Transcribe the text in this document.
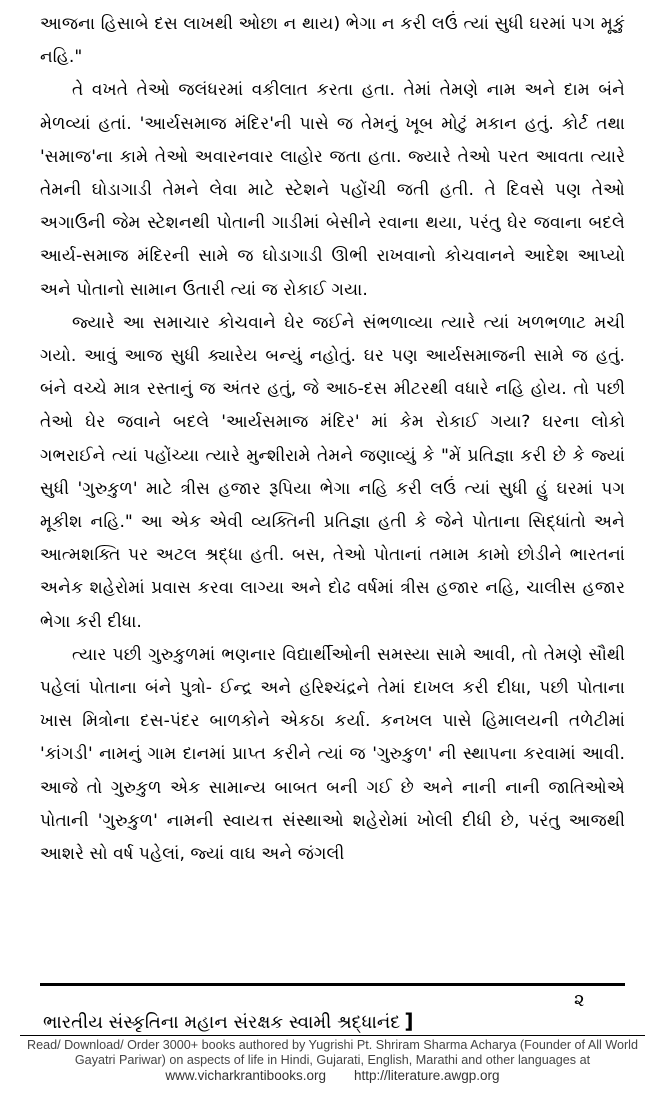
આજના હિસાબે દસ લાખથી ઓછા ન થાય) ભેગા ન કરી લઉં ત્યાં સુધી ઘરમાં પગ મૂકું નહિ."

તે વખતે તેઓ જલંધરમાં વકીલાત કરતા હતા. તેમાં તેમણે નામ અને દામ બંને મેળવ્યાં હતાં. 'આર્યસમાજ મંદિર'ની પાસે જ તેમનું ખૂબ મોટું મકાન હતું. કોર્ટ તથા 'સમાજ'ના કામે તેઓ અવારનવાર લાહોર જતા હતા. જ્યારે તેઓ પરત આવતા ત્યારે તેમની ઘોડાગાડી તેમને લેવા માટે સ્ટેશને પહોંચી જતી હતી. તે દિવસે પણ તેઓ અગાઉની જેમ સ્ટેશનથી પોતાની ગાડીમાં બેસીને રવાના થયા, પરંતુ ઘેર જવાના બદલે આર્ય-સમાજ મંદિરની સામે જ ઘોડાગાડી ઊભી રાખવાનો કોચવાનને આદેશ આપ્યો અને પોતાનો સામાન ઉતારી ત્યાં જ રોકાઈ ગયા.

જ્યારે આ સમાચાર કોચવાને ઘેર જઈને સંભળાવ્યા ત્યારે ત્યાં ખળભળાટ મચી ગયો. આવું આજ સુધી ક્યારેય બન્યું નહોતું. ઘર પણ આર્યસમાજની સામે જ હતું. બંને વચ્ચે માત્ર રસ્તાનું જ અંતર હતું, જે આઠ-દસ મીટરથી વધારે નહિ હોય. તો પછી તેઓ ઘેર જવાને બદલે 'આર્યસમાજ મંદિર' માં કેમ રોકાઈ ગયા? ઘરના લોકો ગભરાઈને ત્યાં પહોંચ્યા ત્યારે મુન્શીરામે તેમને જણાવ્યું કે "મેં પ્રતિજ્ઞા કરી છે કે જ્યાં સુધી 'ગુરુકુળ' માટે ત્રીસ હજાર રૂપિયા ભેગા નહિ કરી લઉં ત્યાં સુધી હું ઘરમાં પગ મૂકીશ નહિ." આ એક એવી વ્યક્તિની પ્રતિજ્ઞા હતી કે જેને પોતાના સિદ્ધાંતો અને આત્મશક્તિ પર અટલ શ્રદ્ધા હતી. બસ, તેઓ પોતાનાં તમામ કામો છોડીને ભારતનાં અનેક શહેરોમાં પ્રવાસ કરવા લાગ્યા અને દોઢ વર્ષમાં ત્રીસ હજાર નહિ, ચાલીસ હજાર ભેગા કરી દીધા.

ત્યાર પછી ગુરુકુળમાં ભણનાર વિદ્યાર્થીઓની સમસ્યા સામે આવી, તો તેમણે સૌથી પહેલાં પોતાના બંને પુત્રો- ઈન્દ્ર અને હરિશ્ચંદ્રને તેમાં દાખલ કરી દીધા, પછી પોતાના ખાસ મિત્રોના દસ-પંદર બાળકોને એકઠા કર્યા. કનખલ પાસે હિમાલયની તળેટીમાં 'કાંગડી' નામનું ગામ દાનમાં પ્રાપ્ત કરીને ત્યાં જ 'ગુરુકુળ' ની સ્થાપના કરવામાં આવી. આજે તો ગુરુકુળ એક સામાન્ય બાબત બની ગઈ છે અને નાની નાની જાતિઓએ પોતાની 'ગુરુકુળ' નામની સ્વાયત્ત સંસ્થાઓ શહેરોમાં ખોલી દીધી છે, પરંતુ આજથી આશરે સો વર્ષ પહેલાં, જ્યાં વાઘ અને જંગલી

૨
ભારતીય સંસ્કૃતિના મહાન સંરક્ષક સ્વામી શ્રદ્ધાનંદ ]
Read/ Download/ Order 3000+ books authored by Yugrishi Pt. Shriram Sharma Acharya (Founder of All World Gayatri Pariwar) on aspects of life in Hindi, Gujarati, English, Marathi and other languages at
www.vicharkrantibooks.org http://literature.awgp.org
